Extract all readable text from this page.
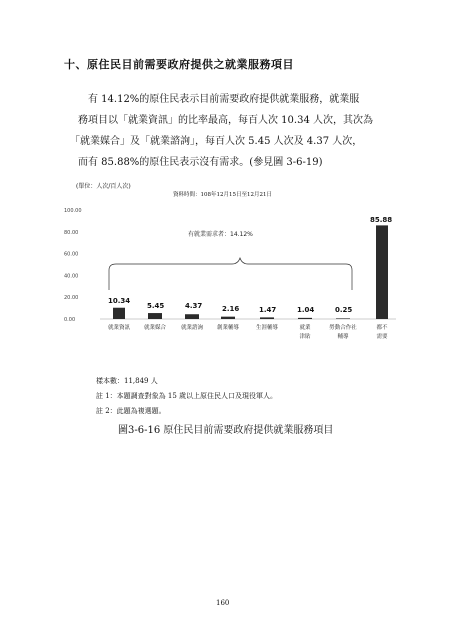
十、原住民目前需要政府提供之就業服務項目
有 14.12%的原住民表示目前需要政府提供就業服務，就業服
務項目以「就業資訊」的比率最高，每百人次 10.34 人次，其次為
「就業媒合」及「就業諮詢」，每百人次 5.45 人次及 4.37 人次，
而有 85.88%的原住民表示沒有需求。(參見圖 3-6-19)
(單位：人次/百人次)
資料時間：108年12月15日至12月21日
100.00
80.00
60.00
40.00
20.00
0.00
10.34
5.45	4.37	2.16	1.47	1.04	0.25
85.88
就業資訊	就業媒合	就業諮詢	創業輔導	生涯輔導	就業津貼
勞動合作社輔導
都不需要
有就業需求者：14.12%
樣本數：11,849 人
註 1：本題調查對象為 15 歲以上原住民人口及現役軍人。
註 2：此題為複選題。
圖3-6-16 原住民目前需要政府提供就業服務項目
160
